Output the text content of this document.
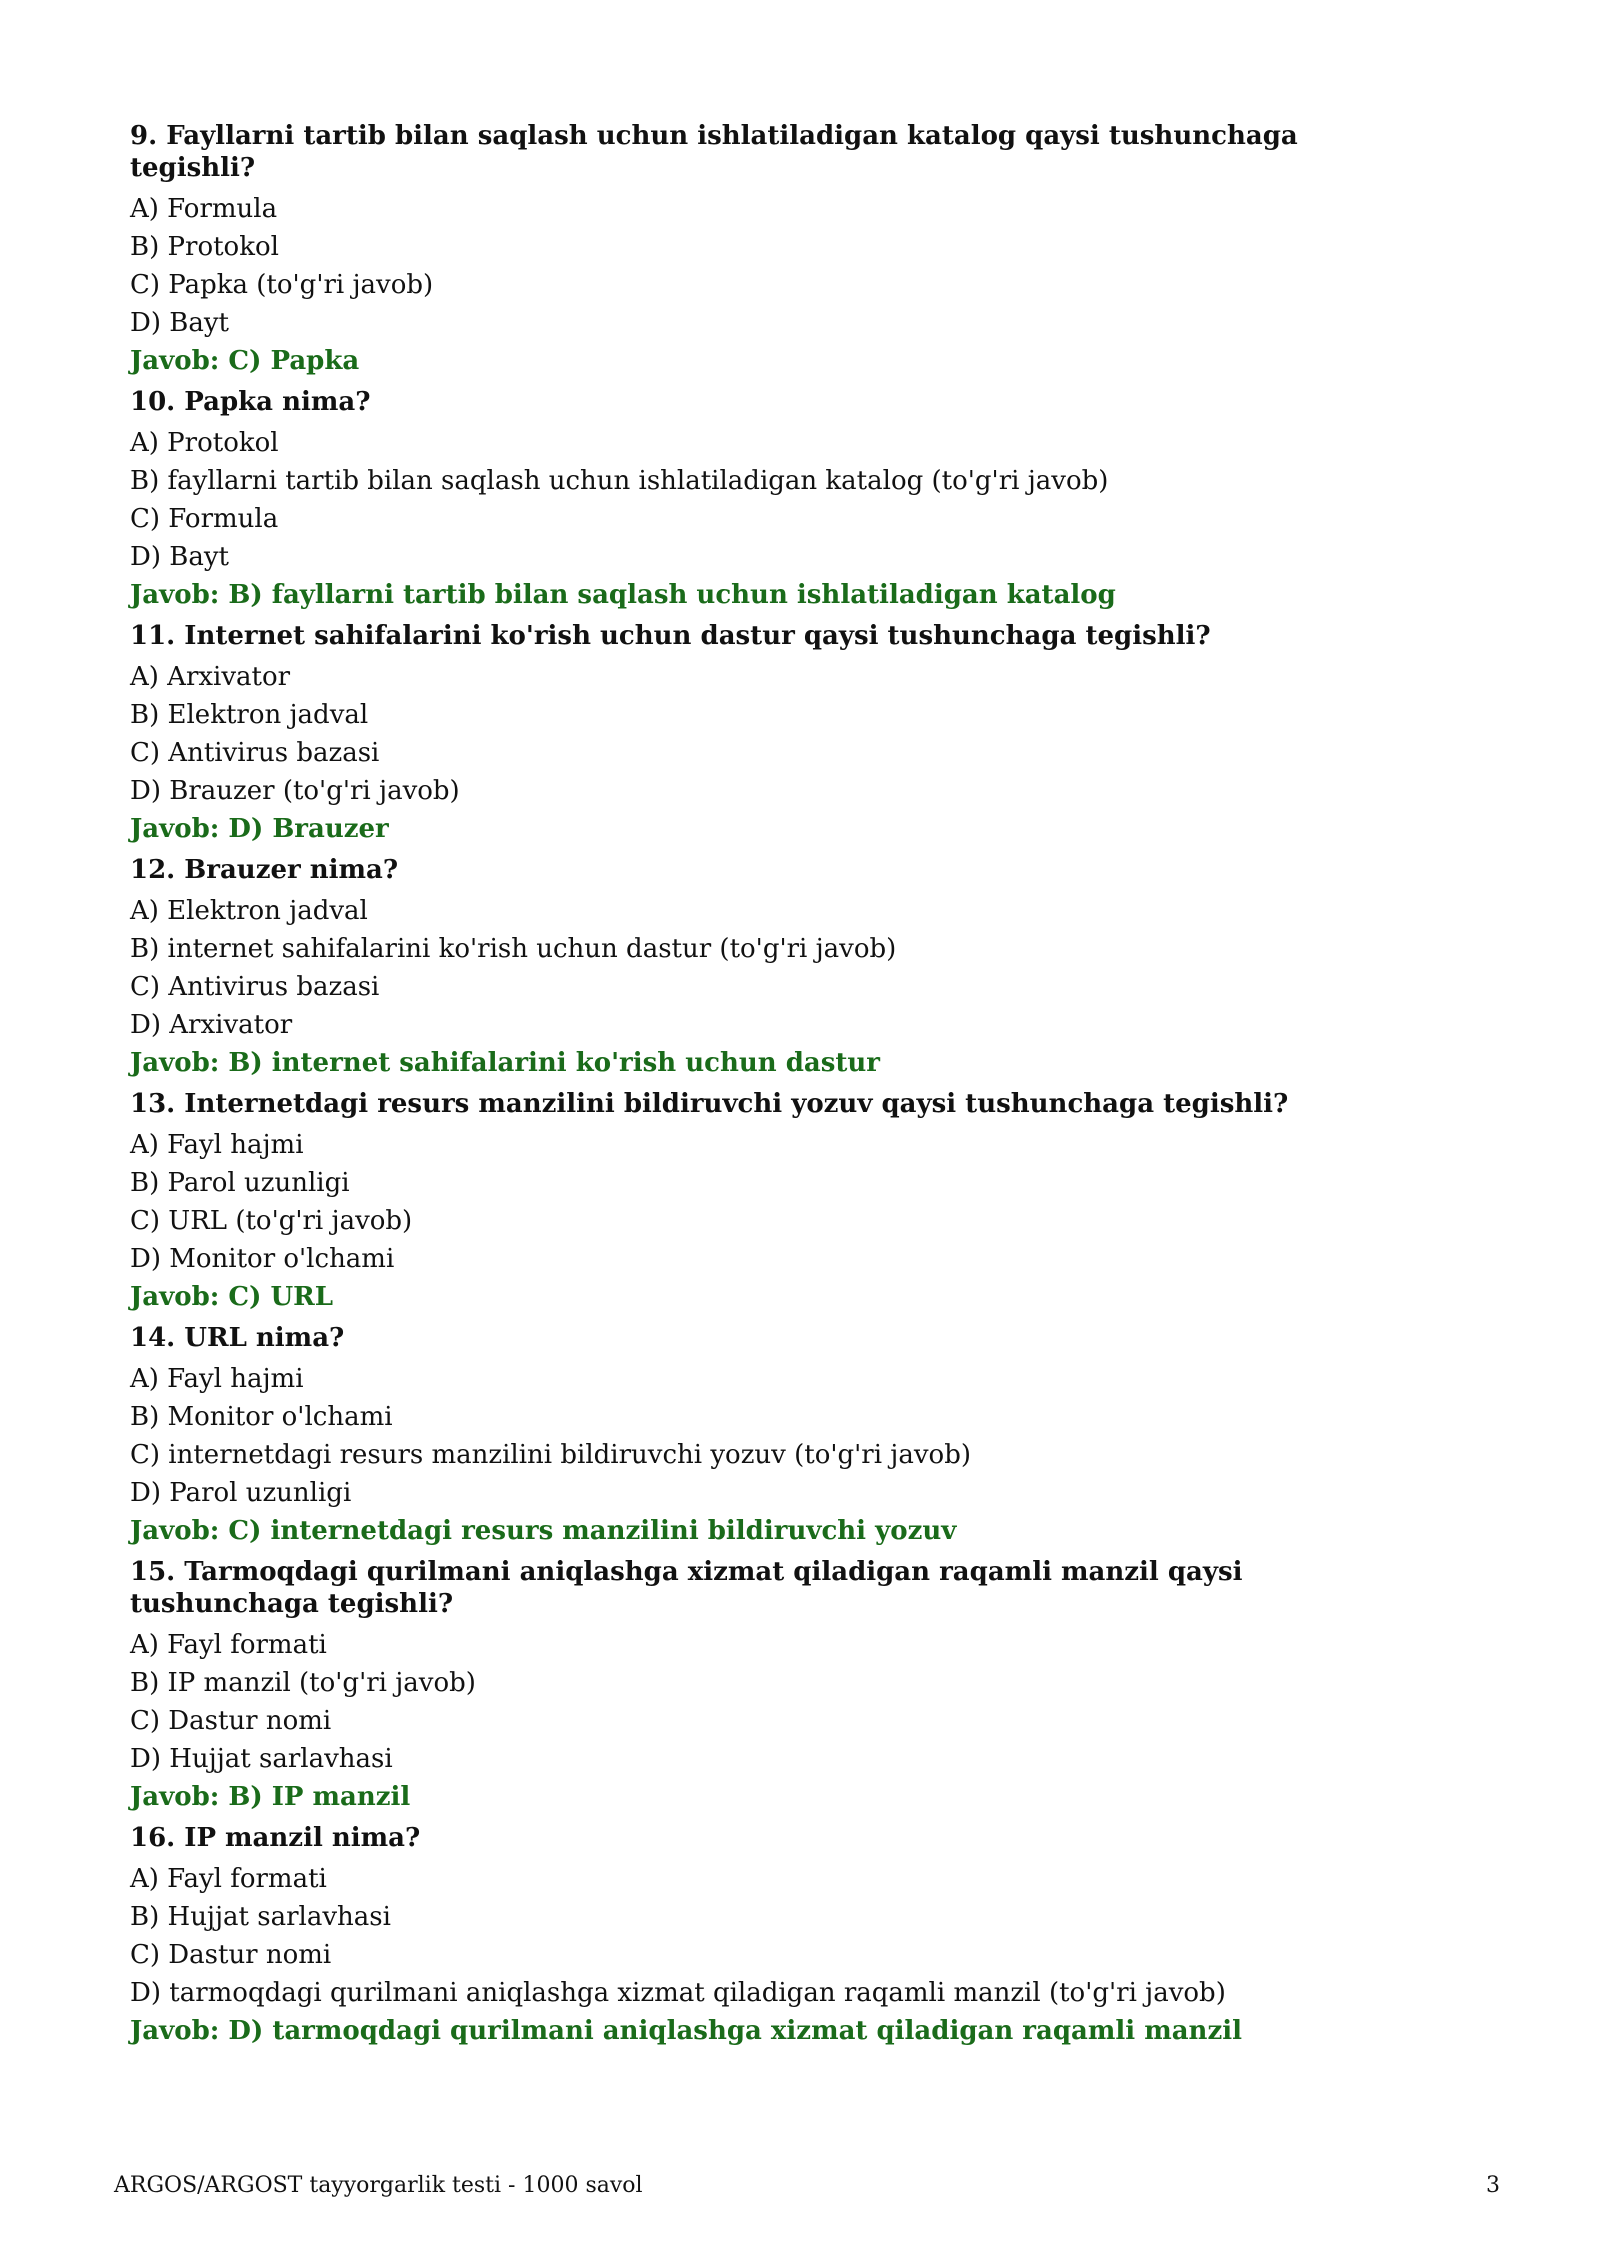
9. Fayllarni tartib bilan saqlash uchun ishlatiladigan katalog qaysi tushunchaga tegishli?

A) Formula

B) Protokol

C) Papka (to'g'ri javob)

D) Bayt

Javob: C) Papka

10. Papka nima?

A) Protokol

B) fayllarni tartib bilan saqlash uchun ishlatiladigan katalog (to'g'ri javob)

C) Formula

D) Bayt

Javob: B) fayllarni tartib bilan saqlash uchun ishlatiladigan katalog

11. Internet sahifalarini ko'rish uchun dastur qaysi tushunchaga tegishli?

A) Arxivator

B) Elektron jadval

C) Antivirus bazasi

D) Brauzer (to'g'ri javob)

Javob: D) Brauzer

12. Brauzer nima?

A) Elektron jadval

B) internet sahifalarini ko'rish uchun dastur (to'g'ri javob)

C) Antivirus bazasi

D) Arxivator

Javob: B) internet sahifalarini ko'rish uchun dastur

13. Internetdagi resurs manzilini bildiruvchi yozuv qaysi tushunchaga tegishli?

A) Fayl hajmi

B) Parol uzunligi

C) URL (to'g'ri javob)

D) Monitor o'lchami

Javob: C) URL

14. URL nima?

A) Fayl hajmi

B) Monitor o'lchami

C) internetdagi resurs manzilini bildiruvchi yozuv (to'g'ri javob)

D) Parol uzunligi

Javob: C) internetdagi resurs manzilini bildiruvchi yozuv

15. Tarmoqdagi qurilmani aniqlashga xizmat qiladigan raqamli manzil qaysi tushunchaga tegishli?

A) Fayl formati

B) IP manzil (to'g'ri javob)

C) Dastur nomi

D) Hujjat sarlavhasi

Javob: B) IP manzil

16. IP manzil nima?

A) Fayl formati

B) Hujjat sarlavhasi

C) Dastur nomi

D) tarmoqdagi qurilmani aniqlashga xizmat qiladigan raqamli manzil (to'g'ri javob)

Javob: D) tarmoqdagi qurilmani aniqlashga xizmat qiladigan raqamli manzil

ARGOS/ARGOST tayyorgarlik testi - 1000 savol	3
